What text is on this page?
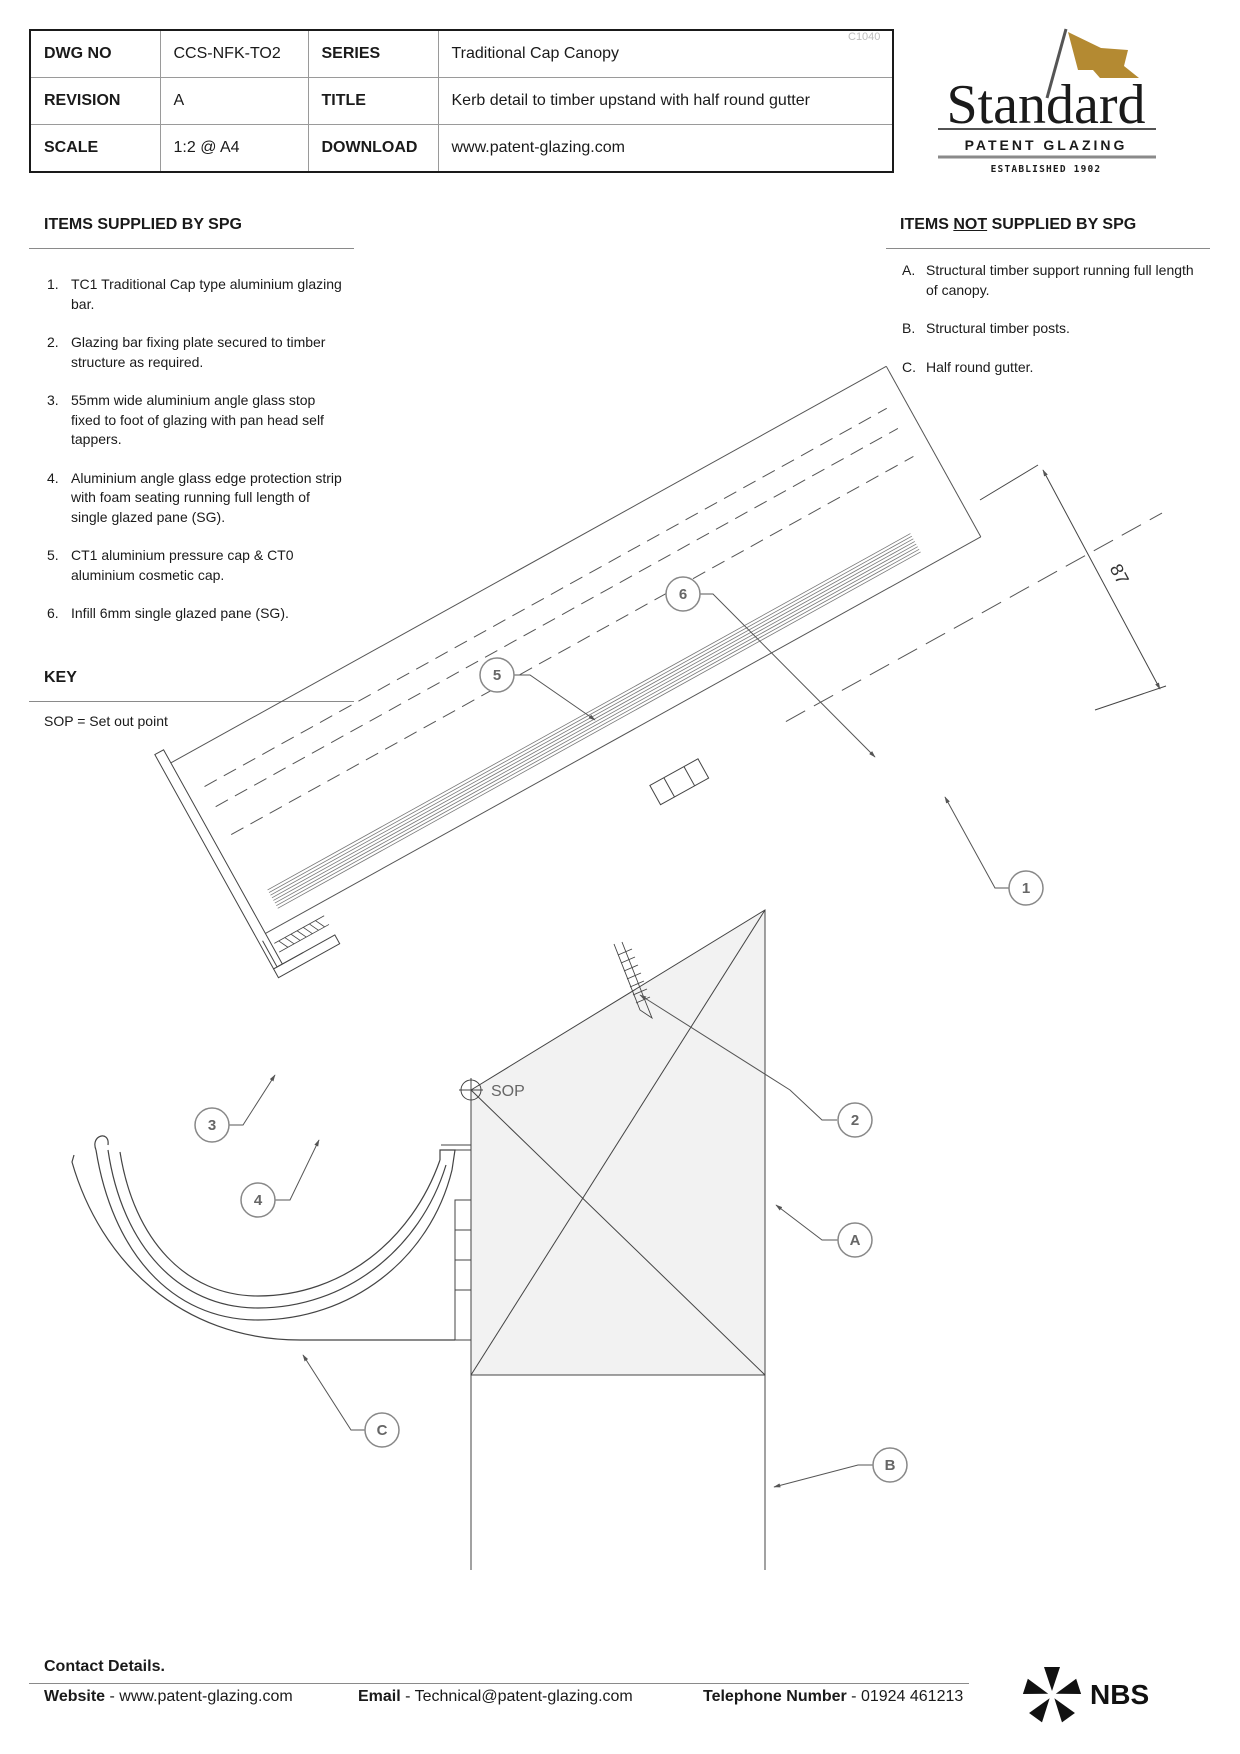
DWG NO	CCS-NFK-TO2	SERIES	Traditional Cap Canopy
REVISION	A	TITLE	Kerb detail to timber upstand with half round gutter
SCALE	1:2 @ A4	DOWNLOAD	www.patent-glazing.com
C1040
Standard
PATENT GLAZING
ESTABLISHED 1902
ITEMS SUPPLIED BY SPG
1. TC1 Traditional Cap type aluminium glazing bar.
2. Glazing bar fixing plate secured to timber structure as required.
3. 55mm wide aluminium angle glass stop fixed to foot of glazing with pan head self tappers.
4. Aluminium angle glass edge protection strip with foam seating running full length of single glazed pane (SG).
5. CT1 aluminium pressure cap & CT0 aluminium cosmetic cap.
6. Infill 6mm single glazed pane (SG).
ITEMS NOT SUPPLIED BY SPG
A. Structural timber support running full length of canopy.
B. Structural timber posts.
C. Half round gutter.
KEY

SOP = Set out point

SOP
87
6
5
1
2
3
4
A
B
C
Contact Details.
Website - www.patent-glazing.com	Email - Technical@patent-glazing.com	Telephone Number - 01924 461213	NBS
